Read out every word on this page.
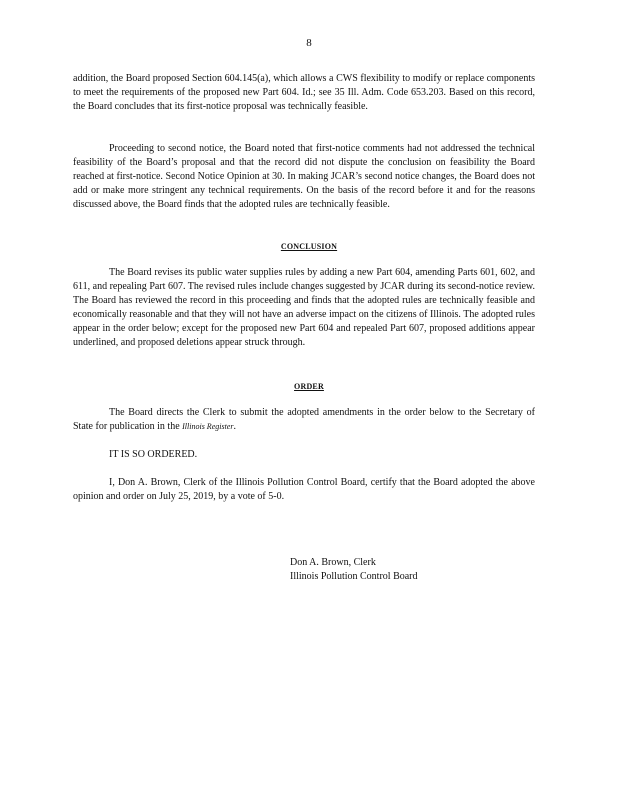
8

addition, the Board proposed Section 604.145(a), which allows a CWS flexibility to modify or replace components to meet the requirements of the proposed new Part 604. Id.; see 35 Ill. Adm. Code 653.203. Based on this record, the Board concludes that its first-notice proposal was technically feasible.

Proceeding to second notice, the Board noted that first-notice comments had not addressed the technical feasibility of the Board’s proposal and that the record did not dispute the conclusion on feasibility the Board reached at first-notice. Second Notice Opinion at 30. In making JCAR’s second notice changes, the Board does not add or make more stringent any technical requirements. On the basis of the record before it and for the reasons discussed above, the Board finds that the adopted rules are technically feasible.

CONCLUSION

The Board revises its public water supplies rules by adding a new Part 604, amending Parts 601, 602, and 611, and repealing Part 607. The revised rules include changes suggested by JCAR during its second-notice review. The Board has reviewed the record in this proceeding and finds that the adopted rules are technically feasible and economically reasonable and that they will not have an adverse impact on the citizens of Illinois. The adopted rules appear in the order below; except for the proposed new Part 604 and repealed Part 607, proposed additions appear underlined, and proposed deletions appear struck through.

ORDER

The Board directs the Clerk to submit the adopted amendments in the order below to the Secretary of State for publication in the Illinois Register.

IT IS SO ORDERED.

I, Don A. Brown, Clerk of the Illinois Pollution Control Board, certify that the Board adopted the above opinion and order on July 25, 2019, by a vote of 5-0.

Don A. Brown, Clerk
Illinois Pollution Control Board
